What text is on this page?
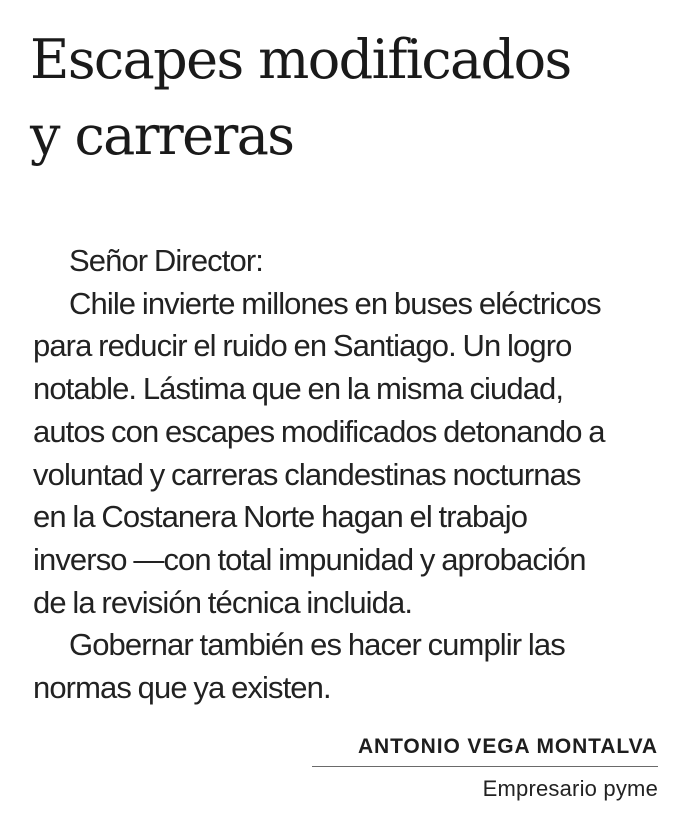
Escapes modificados
y carreras
Señor Director:
Chile invierte millones en buses eléctricos
para reducir el ruido en Santiago. Un logro
notable. Lástima que en la misma ciudad,
autos con escapes modificados detonando a
voluntad y carreras clandestinas nocturnas
en la Costanera Norte hagan el trabajo
inverso —con total impunidad y aprobación
de la revisión técnica incluida.
Gobernar también es hacer cumplir las
normas que ya existen.
ANTONIO VEGA MONTALVA
Empresario pyme
